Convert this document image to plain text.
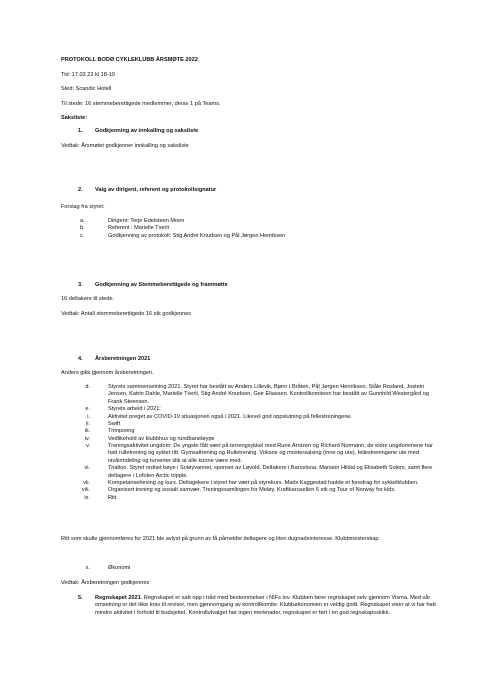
PROTOKOLL BODØ CYKLEKLUBB ÅRSMØTE 2022
Tid: 17.03.22 kl 18-19
Sted: Scandic Hotell
Til stede: 16 stemmeberettigede medlemmer, derav 1 på Teams.
Saksliste:
1.	Godkjenning av innkalling og saksliste
Vedtak: Årsmøtet godkjenner innkalling og saksliste
2.	Valg av dirigent, referent og protokollsignatur
Forslag fra styret:
a.	Dirigent: Terje Edelsteen Moen
b.	Referent : Marielle Tverli
c.	Godkjenning av protokoll: Stig André Knudsen og Pål Jørgen Henriksen
3.	Godkjenning av Stemmeberettigede og frammøtte
16 deltakere til stede.
Vedtak: Antall stemmeberettigede 16 stk godkjennes
4.	Årsberetningen 2021
Anders gikk gjennom årsberetningen.
d.	Styrets sammensetning 2021. Styret har bestått av Anders Lillevik, Bjørn I Bråten, Pål Jørgen Henriksen, Ståle Rosland, Jostein Jensen, Katrin Dahle, Marielle Tverli, Stig André Knudsen, Geir Eliassen. Kontrollkomiteen har bestått av Gunnhild Westergård og Frank Steensen.
e.	Styrets arbeid i 2021:
i.	Aktivitet preget av COVID-19 situasjonen også i 2021. Likevel god oppslutning på fellestreningene.
ii.	Swift
iii.	Trimpoeng
iv.	Vedlikehold av klubbhus og rundbaneløype
v.	Treningsaktivitet ungdom: De yngste fått vært på terrengsykkel med Rune Arntzen og Richard Normann, de eldre ungdommene har hatt rulletrening og syklet ritt. Gymsaltrening og Rulletrening. Voksne og mostersalsing (inne og ute), fellestreningene ute med nivåinndeling og turverter slik at alle kunne være med.
vi.	Triatlon. Styret ordnet bøye i Soløyvannet, sponset av Løvold. Deltakere i Barcelona; Mariann Hildal og Elisabeth Solem, samt flere deltagere i Lofoten Arctic tripple.
vii.	Kompetanseheving og kurs. Deltagekere i styret har vært på styrekurs. Mads Kaggestad hadde et foredrag for sykkelklubben.
viii.	Organisert trening og sosialt samvær. Treningssamlingen for Meløy. Kraftkarusellen 6 stk og Tour of Norway for kids.
ix.	Ritt
Ritt som skulle gjennomføres for 2021 ble avlyst på grunn av få påmeldte deltagere og liten dugnadsinteresse. Klubbmesterskap.
x.	Økonomi
Vedtak: Årsberetningen godkjennes
5.	Regnskapet 2021. Regnskapet er satt opp i tråd med bestemmelser i NIFs lov. Klubben fører regnskapet selv gjennom Visma. Med vår omsetning er det ikke krav til revisor, men gjennomgang av kontrollkomite. Klubbøkonomien er veldig godt. Regnskapet viser at vi har hatt mindre aktivitet i forhold til budsjettet. Kontrollutvalget har ingen merknader, regnskapet er ført i en god regnskapsskikk.
